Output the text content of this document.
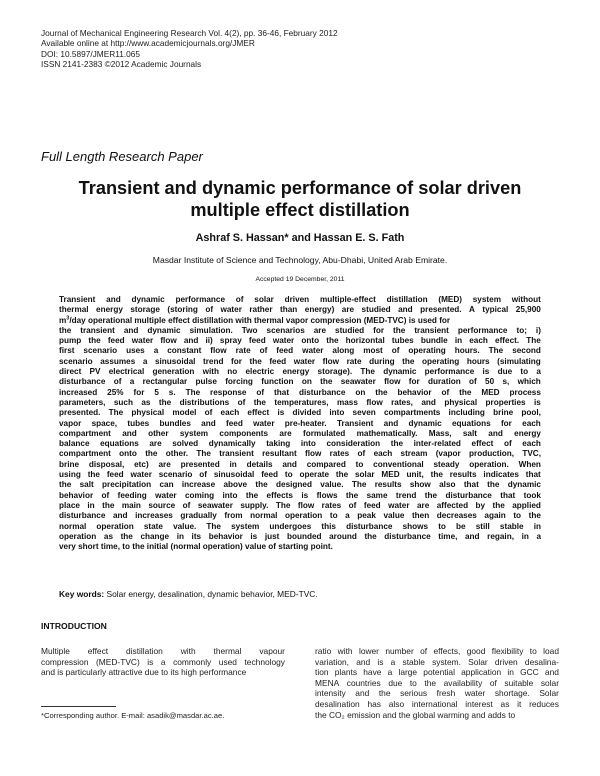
Journal of Mechanical Engineering Research Vol. 4(2), pp. 36-46, February 2012
Available online at http://www.academicjournals.org/JMER
DOI: 10.5897/JMER11.065
ISSN 2141-2383 ©2012 Academic Journals
Full Length Research Paper
Transient and dynamic performance of solar driven
multiple effect distillation
Ashraf S. Hassan* and Hassan E. S. Fath
Masdar Institute of Science and Technology, Abu-Dhabi, United Arab Emirate.
Accepted 19 December, 2011
Transient and dynamic performance of solar driven multiple-effect distillation (MED) system without
thermal energy storage (storing of water rather than energy) are studied and presented. A typical 25,900
$m^3$/day operational multiple effect distillation with thermal vapor compression (MED-TVC) is used for
the transient and dynamic simulation. Two scenarios are studied for the transient performance to; i)
pump the feed water flow and ii) spray feed water onto the horizontal tubes bundle in each effect. The
first scenario uses a constant flow rate of feed water along most of operating hours. The second
scenario assumes a sinusoidal trend for the feed water flow rate during the operating hours (simulating
direct PV electrical generation with no electric energy storage). The dynamic performance is due to a
disturbance of a rectangular pulse forcing function on the seawater flow for duration of 50 s, which
increased 25% for 5 s. The response of that disturbance on the behavior of the MED process
parameters, such as the distributions of the temperatures, mass flow rates, and physical properties is
presented. The physical model of each effect is divided into seven compartments including brine pool,
vapor space, tubes bundles and feed water pre-heater. Transient and dynamic equations for each
compartment and other system components are formulated mathematically. Mass, salt and energy
balance equations are solved dynamically taking into consideration the inter-related effect of each
compartment onto the other. The transient resultant flow rates of each stream (vapor production, TVC,
brine disposal, etc) are presented in details and compared to conventional steady operation. When
using the feed water scenario of sinusoidal feed to operate the solar MED unit, the results indicates that
the salt precipitation can increase above the designed value. The results show also that the dynamic
behavior of feeding water coming into the effects is flows the same trend the disturbance that took
place in the main source of seawater supply. The flow rates of feed water are affected by the applied
disturbance and increases gradually from normal operation to a peak value then decreases again to the
normal operation state value. The system undergoes this disturbance shows to be still stable in
operation as the change in its behavior is just bounded around the disturbance time, and regain, in a
very short time, to the initial (normal operation) value of starting point.
Key words: Solar energy, desalination, dynamic behavior, MED-TVC.
INTRODUCTION
Multiple effect distillation with thermal vapour
compression (MED-TVC) is a commonly used technology
and is particularly attractive due to its high performance
ratio with lower number of effects, good flexibility to load
variation, and is a stable system. Solar driven desalina-
tion plants have a large potential application in GCC and
MENA countries due to the availability of suitable solar
intensity and the serious fresh water shortage. Solar
desalination has also international interest as it reduces
the CO₂ emission and the global warming and adds to
*Corresponding author. E-mail: asadik@masdar.ac.ae.
